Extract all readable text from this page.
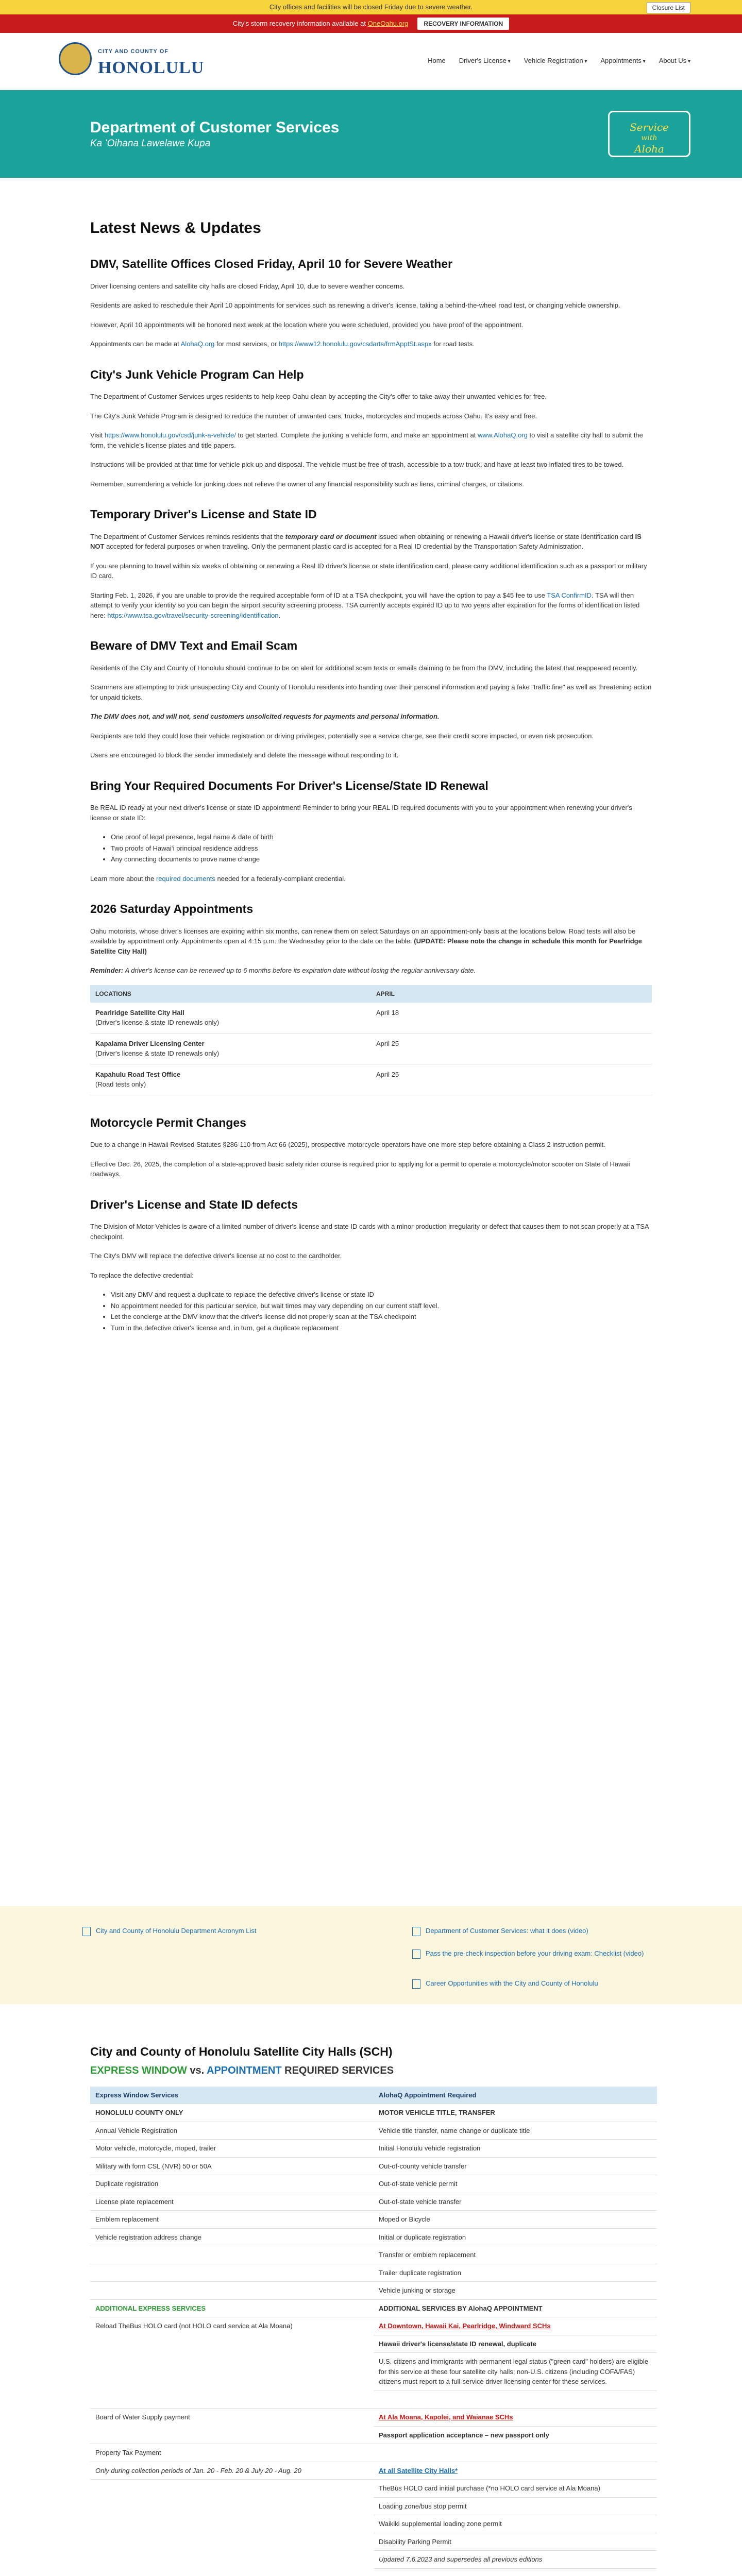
City offices and facilities will be closed Friday due to severe weather.	Closure List
City's storm recovery information available at OneOahu.org	RECOVERY INFORMATION
CITY AND COUNTY OF
HONOLULU	Home Driver's License ▾	Vehicle Registration ▾	Appointments ▾	About Us ▾
Department of Customer Services
Ka ʻOihana Lawelawe Kupa
Service
with
Aloha
Latest News & Updates
DMV, Satellite Offices Closed Friday, April 10 for Severe Weather

Driver licensing centers and satellite city halls are closed Friday, April 10, due to severe weather concerns.

Residents are asked to reschedule their April 10 appointments for services such as renewing a driver's license, taking a behind-the-wheel road test, or changing vehicle ownership.

However, April 10 appointments will be honored next week at the location where you were scheduled, provided you have proof of the appointment.

Appointments can be made at AlohaQ.org for most services, or https://www12.honolulu.gov/csdarts/frmApptSt.aspx for road tests.

City's Junk Vehicle Program Can Help

The Department of Customer Services urges residents to help keep Oahu clean by accepting the City's offer to take away their unwanted vehicles for free.

The City's Junk Vehicle Program is designed to reduce the number of unwanted cars, trucks, motorcycles and mopeds across Oahu. It's easy and free.

Visit https://www.honolulu.gov/csd/junk-a-vehicle/ to get started. Complete the junking a vehicle form, and make an appointment at www.AlohaQ.org to visit a satellite city hall to submit the form, the vehicle's license plates and title papers.

Instructions will be provided at that time for vehicle pick up and disposal. The vehicle must be free of trash, accessible to a tow truck, and have at least two inflated tires to be towed.

Remember, surrendering a vehicle for junking does not relieve the owner of any financial responsibility such as liens, criminal charges, or citations.

Temporary Driver's License and State ID

The Department of Customer Services reminds residents that the temporary card or document issued when obtaining or renewing a Hawaii driver's license or state identification card IS NOT accepted for federal purposes or when traveling. Only the permanent plastic card is accepted for a Real ID credential by the Transportation Safety Administration.

If you are planning to travel within six weeks of obtaining or renewing a Real ID driver's license or state identification card, please carry additional identification such as a passport or military ID card.

Starting Feb. 1, 2026, if you are unable to provide the required acceptable form of ID at a TSA checkpoint, you will have the option to pay a $45 fee to use TSA ConfirmID. TSA will then attempt to verify your identity so you can begin the airport security screening process. TSA currently accepts expired ID up to two years after expiration for the forms of identification listed here: https://www.tsa.gov/travel/security-screening/identification.

Beware of DMV Text and Email Scam

Residents of the City and County of Honolulu should continue to be on alert for additional scam texts or emails claiming to be from the DMV, including the latest that reappeared recently.

Scammers are attempting to trick unsuspecting City and County of Honolulu residents into handing over their personal information and paying a fake "traffic fine" as well as threatening action for unpaid tickets.

The DMV does not, and will not, send customers unsolicited requests for payments and personal information.

Recipients are told they could lose their vehicle registration or driving privileges, potentially see a service charge, see their credit score impacted, or even risk prosecution.

Users are encouraged to block the sender immediately and delete the message without responding to it.

Bring Your Required Documents For Driver's License/State ID Renewal

Be REAL ID ready at your next driver's license or state ID appointment! Reminder to bring your REAL ID required documents with you to your appointment when renewing your driver's license or state ID:

• One proof of legal presence, legal name & date of birth
• Two proofs of Hawaiʻi principal residence address
• Any connecting documents to prove name change

Learn more about the required documents needed for a federally-compliant credential.

2026 Saturday Appointments

Oahu motorists, whose driver's licenses are expiring within six months, can renew them on select Saturdays on an appointment-only basis at the locations below. Road tests will also be available by appointment only. Appointments open at 4:15 p.m. the Wednesday prior to the date on the table. (UPDATE: Please note the change in schedule this month for Pearlridge Satellite City Hall)

Reminder: A driver's license can be renewed up to 6 months before its expiration date without losing the regular anniversary date.

LOCATIONS	APRIL
Pearlridge Satellite City Hall
(Driver's license & state ID renewals only)	April 18
Kapalama Driver Licensing Center
(Driver's license & state ID renewals only)	April 25
Kapahulu Road Test Office
(Road tests only)	April 25
Motorcycle Permit Changes

Due to a change in Hawaii Revised Statutes §286-110 from Act 66 (2025), prospective motorcycle operators have one more step before obtaining a Class 2 instruction permit.

Effective Dec. 26, 2025, the completion of a state-approved basic safety rider course is required prior to applying for a permit to operate a motorcycle/motor scooter on State of Hawaii roadways.

Driver's License and State ID defects

The Division of Motor Vehicles is aware of a limited number of driver's license and state ID cards with a minor production irregularity or defect that causes them to not scan properly at a TSA checkpoint.

The City's DMV will replace the defective driver's license at no cost to the cardholder.

To replace the defective credential:

• Visit any DMV and request a duplicate to replace the defective driver's license or state ID
• No appointment needed for this particular service, but wait times may vary depending on our current staff level.
• Let the concierge at the DMV know that the driver's license did not properly scan at the TSA checkpoint
• Turn in the defective driver's license and, in turn, get a duplicate replacement
City and County of Honolulu Department Acronym List	Department of Customer Services: what it does (video)
Pass the pre-check inspection before your driving exam: Checklist (video)
Career Opportunities with the City and County of Honolulu
City and County of Honolulu Satellite City Halls (SCH)
EXPRESS WINDOW vs. APPOINTMENT REQUIRED SERVICES
Express Window Services	AlohaQ Appointment Required
HONOLULU COUNTY ONLY	MOTOR VEHICLE TITLE, TRANSFER
Annual Vehicle Registration	Vehicle title transfer, name change or duplicate title
Motor vehicle, motorcycle, moped, trailer	Initial Honolulu vehicle registration
Military with form CSL (NVR) 50 or 50A	Out-of-county vehicle transfer
Duplicate registration	Out-of-state vehicle permit
License plate replacement	Out-of-state vehicle transfer
Emblem replacement	Moped or Bicycle
Vehicle registration address change	Initial or duplicate registration
	Transfer or emblem replacement
	Trailer duplicate registration
	Vehicle junking or storage
ADDITIONAL EXPRESS SERVICES	ADDITIONAL SERVICES BY AlohaQ APPOINTMENT
Reload TheBus HOLO card (not HOLO card service at Ala Moana)	At Downtown, Hawaii Kai, Pearlridge, Windward SCHs
	Hawaii driver's license/state ID renewal, duplicate
	U.S. citizens and immigrants with permanent legal status ("green card" holders) are eligible for this service at these four satellite city halls; non-U.S. citizens (including COFA/FAS) citizens must report to a full-service driver licensing center for these services.

Board of Water Supply payment	At Ala Moana, Kapolei, and Waianae SCHs
	Passport application acceptance – new passport only
Property Tax Payment	
Only during collection periods of Jan. 20 - Feb. 20 & July 20 - Aug. 20	At all Satellite City Halls*
	TheBus HOLO card initial purchase (*no HOLO card service at Ala Moana)
	Loading zone/bus stop permit
	Waikiki supplemental loading zone permit
	Disability Parking Permit
	Updated 7.6.2023 and supersedes all previous editions
